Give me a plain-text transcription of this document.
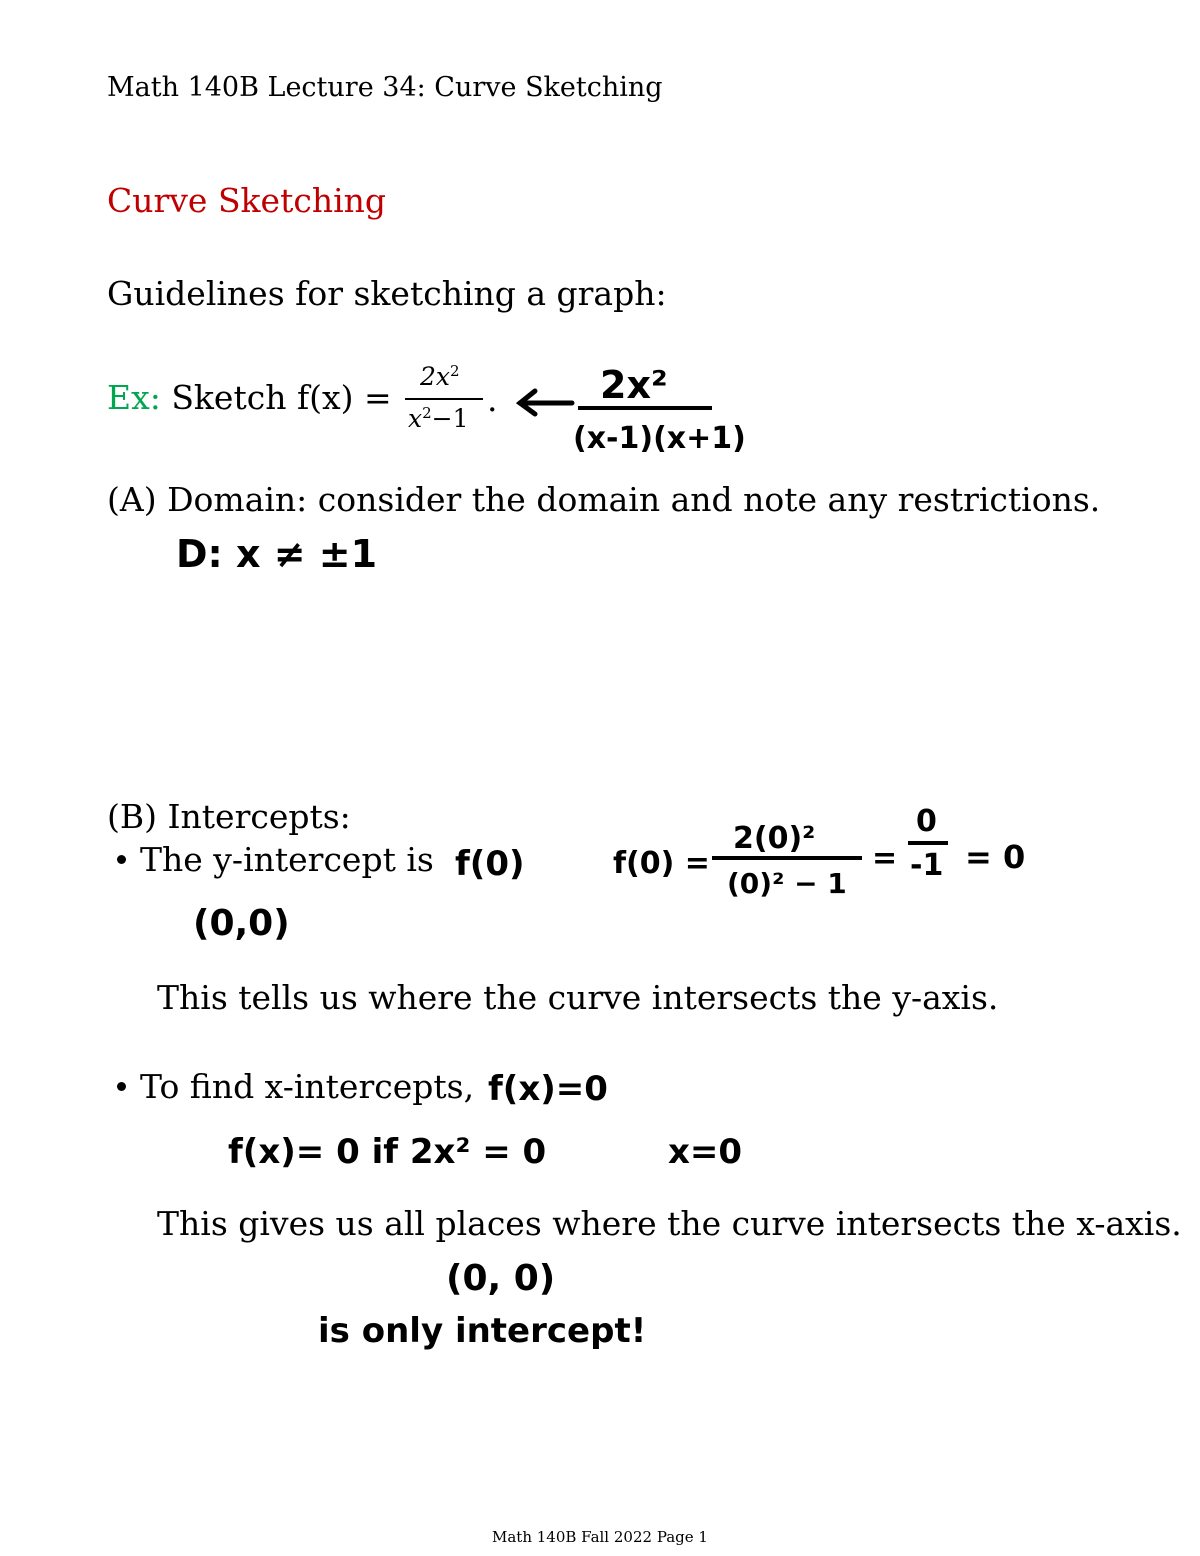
Math 140B Lecture 34: Curve Sketching
Curve Sketching
Guidelines for sketching a graph:
Ex: Sketch f(x) =
$2x^2$
$x^2-1$ .
(A) Domain: consider the domain and note any restrictions.
(B) Intercepts:
The y-intercept is
This tells us where the curve intersects the y-axis.
To find x-intercepts,
This gives us all places where the curve intersects the x-axis.
Math 140B Fall 2022 Page 1
2x²
(x-1)(x+1)
D: x ≠ ±1
f(0)	f(0) =
2(0)²
(0)² − 1
=
0
-1 = 0
(0,0)
f(x)=0
f(x)= 0 if 2x² = 0	x=0
(0, 0)
is only intercept!
